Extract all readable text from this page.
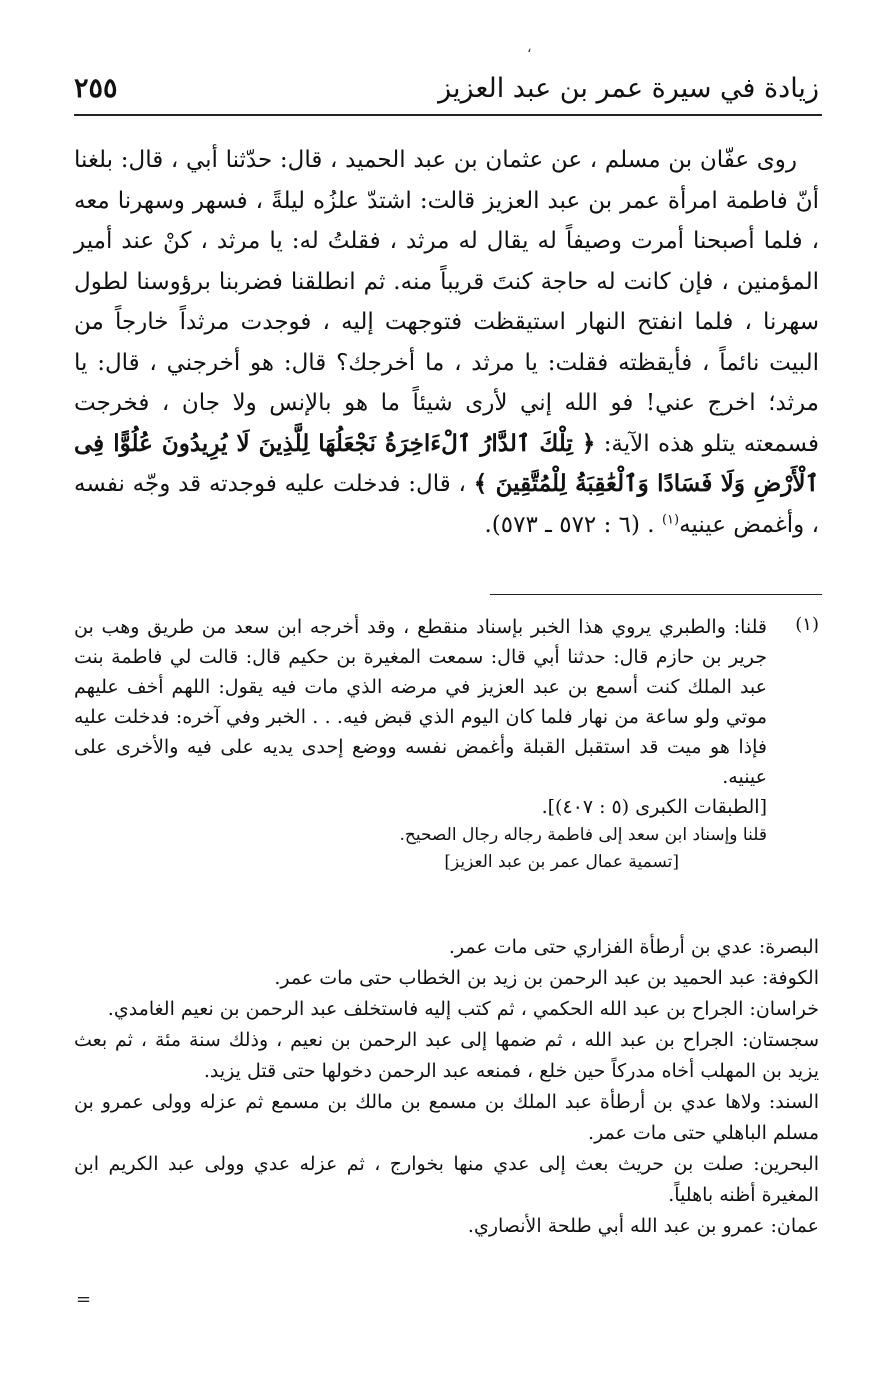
،
زيادة في سيرة عمر بن عبد العزيز
٢٥٥

روى عفّان بن مسلم ، عن عثمان بن عبد الحميد ، قال: حدّثنا أبي ، قال: بلغنا أنّ فاطمة امرأة عمر بن عبد العزيز قالت: اشتدّ علزُه ليلةً ، فسهر وسهرنا معه ، فلما أصبحنا أمرت وصيفاً له يقال له مرثد ، فقلتُ له: يا مرثد ، كنْ عند أمير المؤمنين ، فإن كانت له حاجة كنتَ قريباً منه. ثم انطلقنا فضربنا برؤوسنا لطول سهرنا ، فلما انفتح النهار استيقظت فتوجهت إليه ، فوجدت مرثداً خارجاً من البيت نائماً ، فأيقظته فقلت: يا مرثد ، ما أخرجك؟ قال: هو أخرجني ، قال: يا مرثد؛ اخرج عني! فو الله إني لأرى شيئاً ما هو بالإنس ولا جان ، فخرجت فسمعته يتلو هذه الآية: ﴿ تِلْكَ ٱلدَّارُ ٱلْءَاخِرَةُ نَجْعَلُهَا لِلَّذِينَ لَا يُرِيدُونَ عُلُوًّا فِى ٱلْأَرْضِ وَلَا فَسَادًا وَٱلْعَٰقِبَةُ لِلْمُتَّقِينَ ﴾ ، قال: فدخلت عليه فوجدته قد وجّه نفسه ، وأغمض عينيه$^{(١)}$ . (٦ : ٥٧٢ ـ ٥٧٣).

(١)

قلنا: والطبري يروي هذا الخبر بإسناد منقطع ، وقد أخرجه ابن سعد من طريق وهب بن جرير بن حازم قال: حدثنا أبي قال: سمعت المغيرة بن حكيم قال: قالت لي فاطمة بنت عبد الملك كنت أسمع بن عبد العزيز في مرضه الذي مات فيه يقول: اللهم أخف عليهم موتي ولو ساعة من نهار فلما كان اليوم الذي قبض فيه. . . الخبر وفي آخره: فدخلت عليه فإذا هو ميت قد استقبل القبلة وأغمض نفسه ووضع إحدى يديه على فيه والأخرى على عينيه.

[الطبقات الكبرى (٥ : ٤٠٧)].

قلنا وإسناد ابن سعد إلى فاطمة رجاله رجال الصحيح.

[تسمية عمال عمر بن عبد العزيز]

البصرة: عدي بن أرطأة الفزاري حتى مات عمر.

الكوفة: عبد الحميد بن عبد الرحمن بن زيد بن الخطاب حتى مات عمر.

خراسان: الجراح بن عبد الله الحكمي ، ثم كتب إليه فاستخلف عبد الرحمن بن نعيم الغامدي.

سجستان: الجراح بن عبد الله ، ثم ضمها إلى عبد الرحمن بن نعيم ، وذلك سنة مئة ، ثم بعث يزيد بن المهلب أخاه مدركاً حين خلع ، فمنعه عبد الرحمن دخولها حتى قتل يزيد.

السند: ولاها عدي بن أرطأة عبد الملك بن مسمع بن مالك بن مسمع ثم عزله وولى عمرو بن مسلم الباهلي حتى مات عمر.

البحرين: صلت بن حريث بعث إلى عدي منها بخوارج ، ثم عزله عدي وولى عبد الكريم ابن المغيرة أظنه باهلياً.

عمان: عمرو بن عبد الله أبي طلحة الأنصاري.

=
